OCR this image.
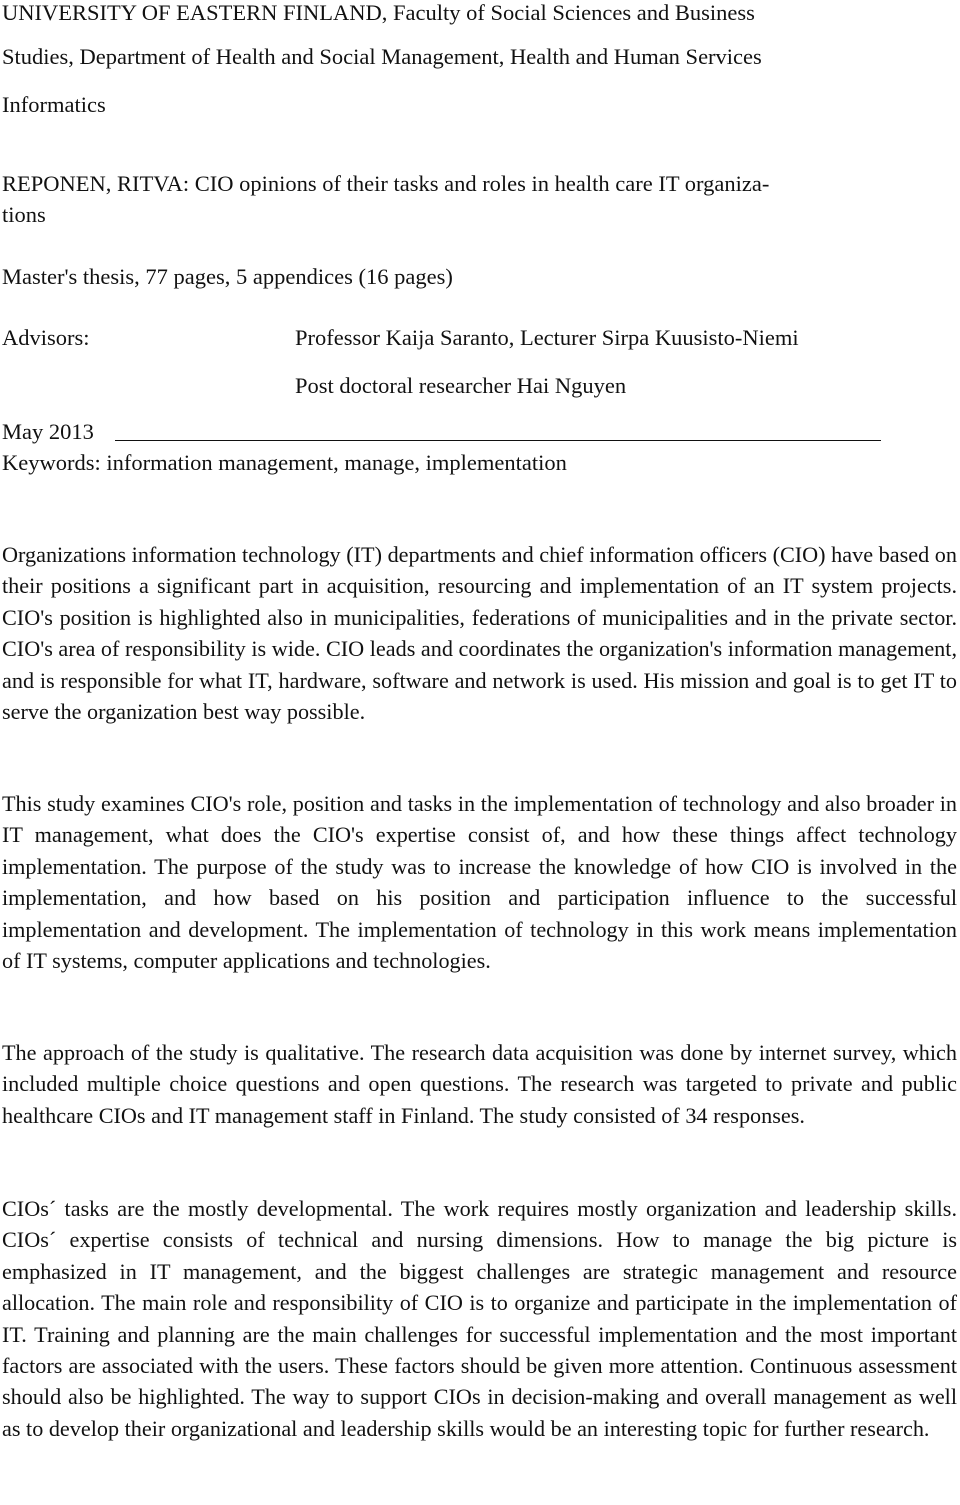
UNIVERSITY OF EASTERN FINLAND, Faculty of Social Sciences and Business
Studies, Department of Health and Social Management, Health and Human Services
Informatics
REPONEN, RITVA: CIO opinions of their tasks and roles in health care IT organiza-
tions
Master's thesis, 77 pages, 5 appendices (16 pages)
Advisors:	Professor Kaija Saranto, Lecturer Sirpa Kuusisto-Niemi
Post doctoral researcher Hai Nguyen
May 2013
Keywords: information management, manage, implementation

Organizations information technology (IT) departments and chief information officers (CIO) have based on their positions a significant part in acquisition, resourcing and implementation of an IT system projects. CIO's position is highlighted also in municipalities, federations of municipalities and in the private sector. CIO's area of responsibility is wide. CIO leads and coordinates the organization's information management, and is responsible for what IT, hardware, software and network is used. His mission and goal is to get IT to serve the organization best way possible.

This study examines CIO's role, position and tasks in the implementation of technology and also broader in IT management, what does the CIO's expertise consist of, and how these things affect technology implementation. The purpose of the study was to increase the knowledge of how CIO is involved in the implementation, and how based on his position and participation influence to the successful implementation and development. The implementation of technology in this work means implementation of IT systems, computer applications and technologies.

The approach of the study is qualitative. The research data acquisition was done by internet survey, which included multiple choice questions and open questions. The research was targeted to private and public healthcare CIOs and IT management staff in Finland. The study consisted of 34 responses.

CIOs´ tasks are the mostly developmental. The work requires mostly organization and leadership skills. CIOs´ expertise consists of technical and nursing dimensions. How to manage the big picture is emphasized in IT management, and the biggest challenges are strategic management and resource allocation. The main role and responsibility of CIO is to organize and participate in the implementation of IT. Training and planning are the main challenges for successful implementation and the most important factors are associated with the users. These factors should be given more attention. Continuous assessment should also be highlighted. The way to support CIOs in decision-making and overall management as well as to develop their organizational and leadership skills would be an interesting topic for further research.
